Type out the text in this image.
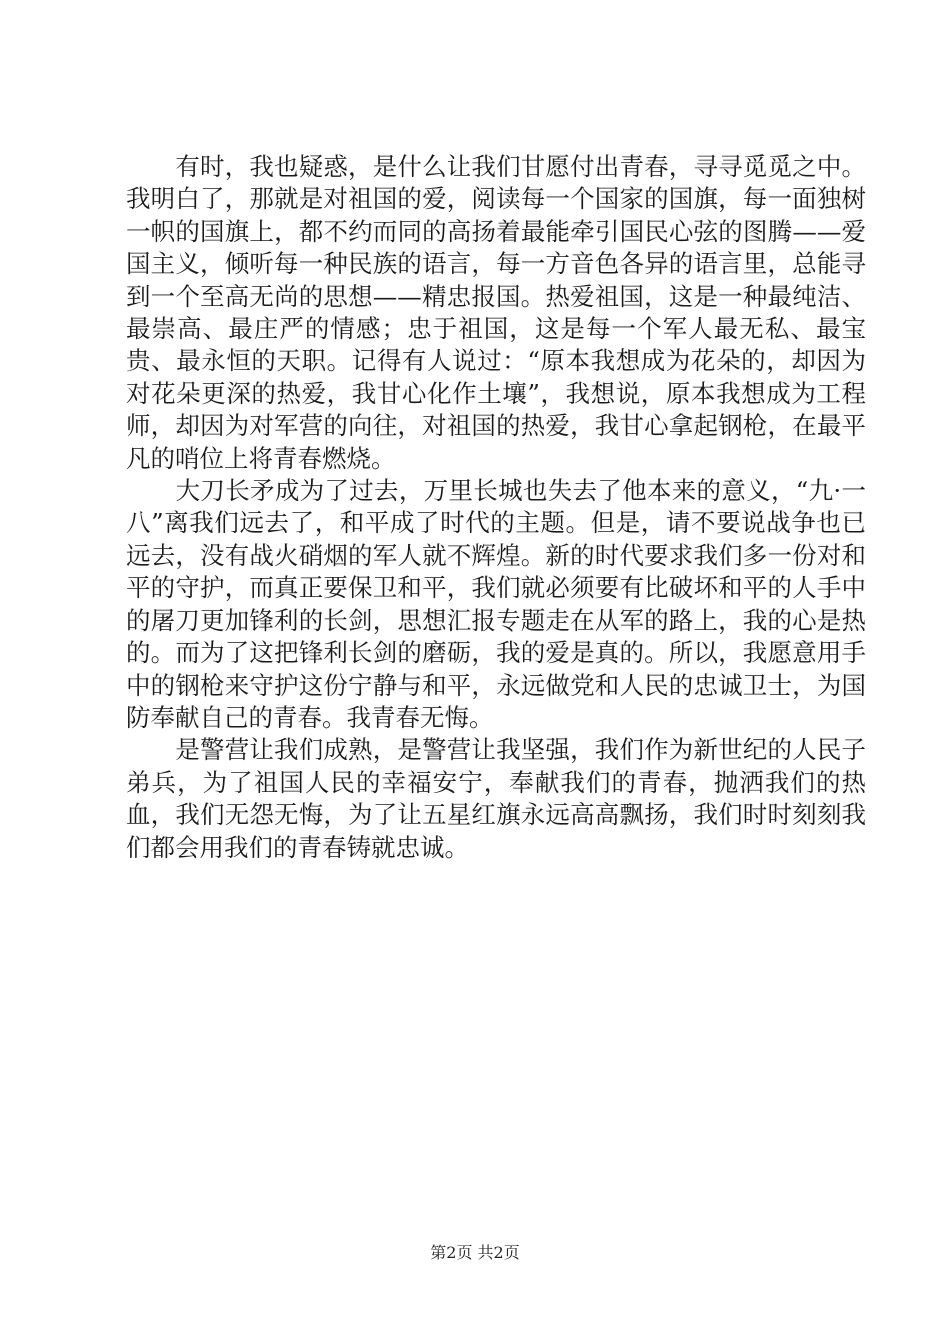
　　有时，我也疑惑，是什么让我们甘愿付出青春，寻寻觅觅之中。我明白了，那就是对祖国的爱，阅读每一个国家的国旗，每一面独树一帜的国旗上，都不约而同的高扬着最能牵引国民心弦的图腾——爱国主义，倾听每一种民族的语言，每一方音色各异的语言里，总能寻到一个至高无尚的思想——精忠报国。热爱祖国，这是一种最纯洁、最崇高、最庄严的情感；忠于祖国，这是每一个军人最无私、最宝贵、最永恒的天职。记得有人说过：“原本我想成为花朵的，却因为对花朵更深的热爱，我甘心化作土壤”，我想说，原本我想成为工程师，却因为对军营的向往，对祖国的热爱，我甘心拿起钢枪，在最平凡的哨位上将青春燃烧。

　　大刀长矛成为了过去，万里长城也失去了他本来的意义，“九·一八”离我们远去了，和平成了时代的主题。但是，请不要说战争也已远去，没有战火硝烟的军人就不辉煌。新的时代要求我们多一份对和平的守护，而真正要保卫和平，我们就必须要有比破坏和平的人手中的屠刀更加锋利的长剑，思想汇报专题走在从军的路上，我的心是热的。而为了这把锋利长剑的磨砺，我的爱是真的。所以，我愿意用手中的钢枪来守护这份宁静与和平，永远做党和人民的忠诚卫士，为国防奉献自己的青春。我青春无悔。

　　是警营让我们成熟，是警营让我坚强，我们作为新世纪的人民子弟兵，为了祖国人民的幸福安宁，奉献我们的青春，抛洒我们的热血，我们无怨无悔，为了让五星红旗永远高高飘扬，我们时时刻刻我们都会用我们的青春铸就忠诚。

第2页 共2页
